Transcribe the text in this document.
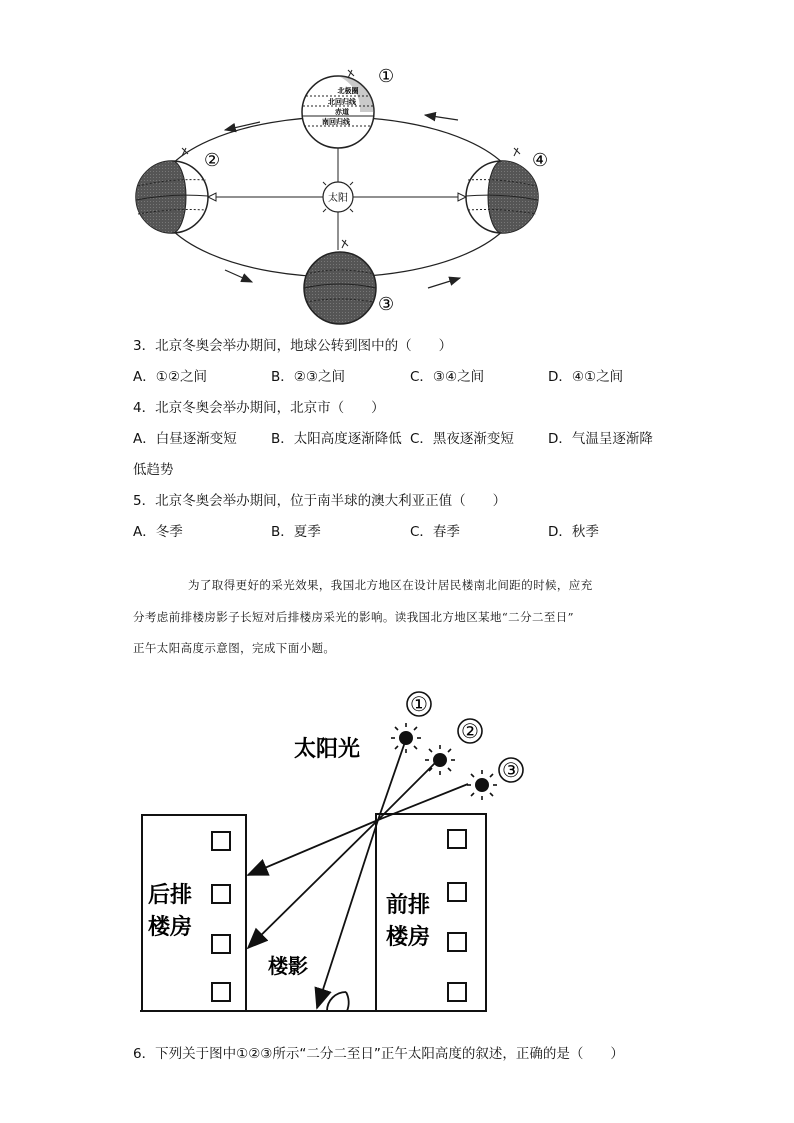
太阳
北极圈
北回归线
赤道
南回归线
①
②
③
④
3．北京冬奥会举办期间，地球公转到图中的（　　）
A．①②之间	B．②③之间	C．③④之间	D．④①之间
4．北京冬奥会举办期间，北京市（　　）
A．白昼逐渐变短	B．太阳高度逐渐降低 C．黑夜逐渐变短	D．气温呈逐渐降
低趋势
5．北京冬奥会举办期间，位于南半球的澳大利亚正值（　　）
A．冬季	B．夏季	C．春季	D．秋季
为了取得更好的采光效果，我国北方地区在设计居民楼南北间距的时候，应充
分考虑前排楼房影子长短对后排楼房采光的影响。读我国北方地区某地“二分二至日”
正午太阳高度示意图，完成下面小题。
后排
楼房
前排
楼房
楼影
太阳光
①
②
③
6．下列关于图中①②③所示“二分二至日”正午太阳高度的叙述，正确的是（　　）
